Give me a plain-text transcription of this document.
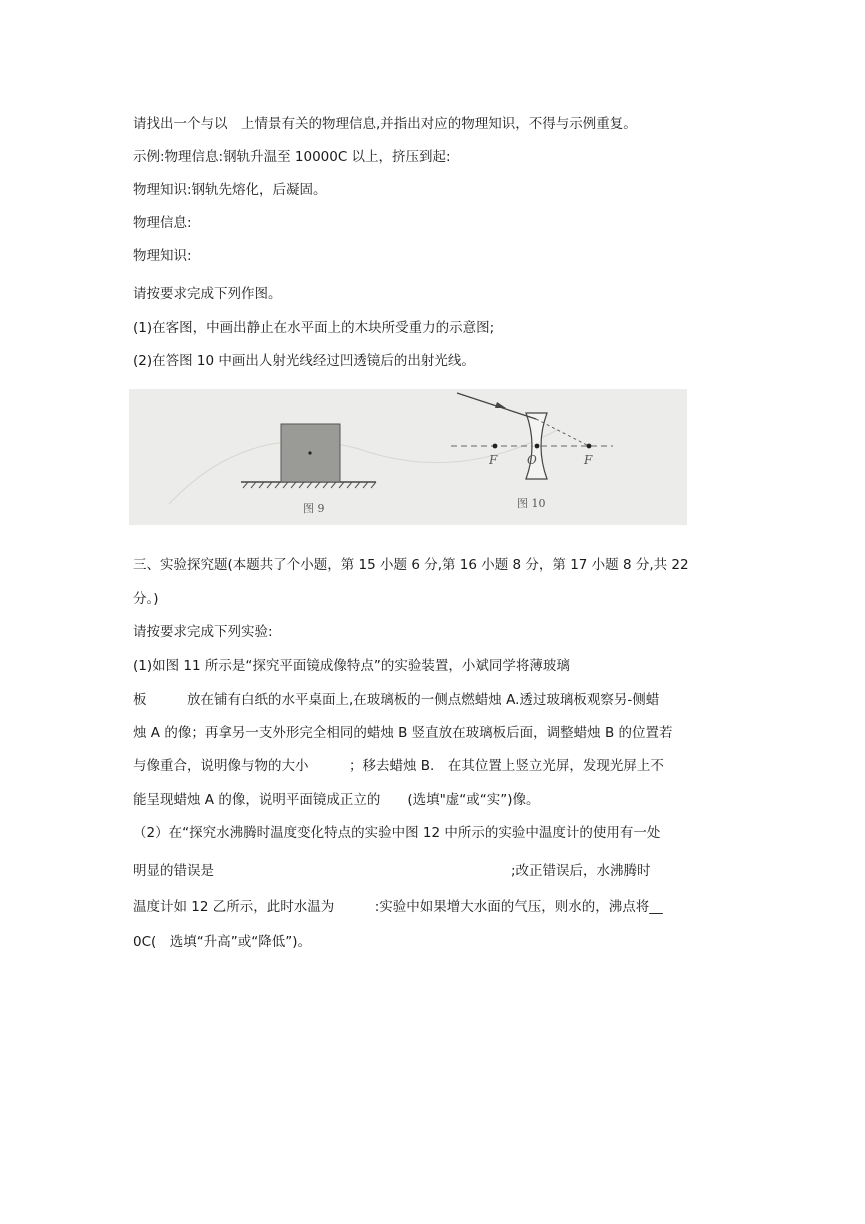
请找出一个与以　上情景有关的物理信息,并指出对应的物理知识，不得与示例重复。
示例:物理信息:钢轨升温至 10000C 以上，挤压到起:
物理知识:钢轨先熔化，后凝固。
物理信息:
物理知识:
请按要求完成下列作图。
(1)在客图，中画出静止在水平面上的木块所受重力的示意图;
(2)在答图 10 中画出人射光线经过凹透镜后的出射光线。
图 9
F O	F
图 10
三、实验探究题(本题共了个小题，第 15 小题 6 分,第 16 小题 8 分，第 17 小题 8 分,共 22
分。)
请按要求完成下列实验:
(1)如图 11 所示是“探究平面镜成像特点”的实验装置，小斌同学将薄玻璃
板　　　放在铺有白纸的水平桌面上,在玻璃板的一侧点燃蜡烛 A.透过玻璃板观察另-侧蜡
烛 A 的像；再拿另一支外形完全相同的蜡烛 B 竖直放在玻璃板后面，调整蜡烛 B 的位置若
与像重合，说明像与物的大小　　　；移去蜡烛 B.　在其位置上竖立光屏，发现光屏上不
能呈现蜡烛 A 的像，说明平面镜成正立的　　(选填"虚“或“实”)像。
（2）在“探究水沸腾时温度变化特点的实验中图 12 中所示的实验中温度计的使用有一处
明显的错误是　　　　　　　　　　　　　　　　　　　　　　;改正错误后，水沸腾时
温度计如 12 乙所示，此时水温为　　　:实验中如果增大水面的气压，则水的，沸点将__
0C(　选填“升高”或“降低”)。
